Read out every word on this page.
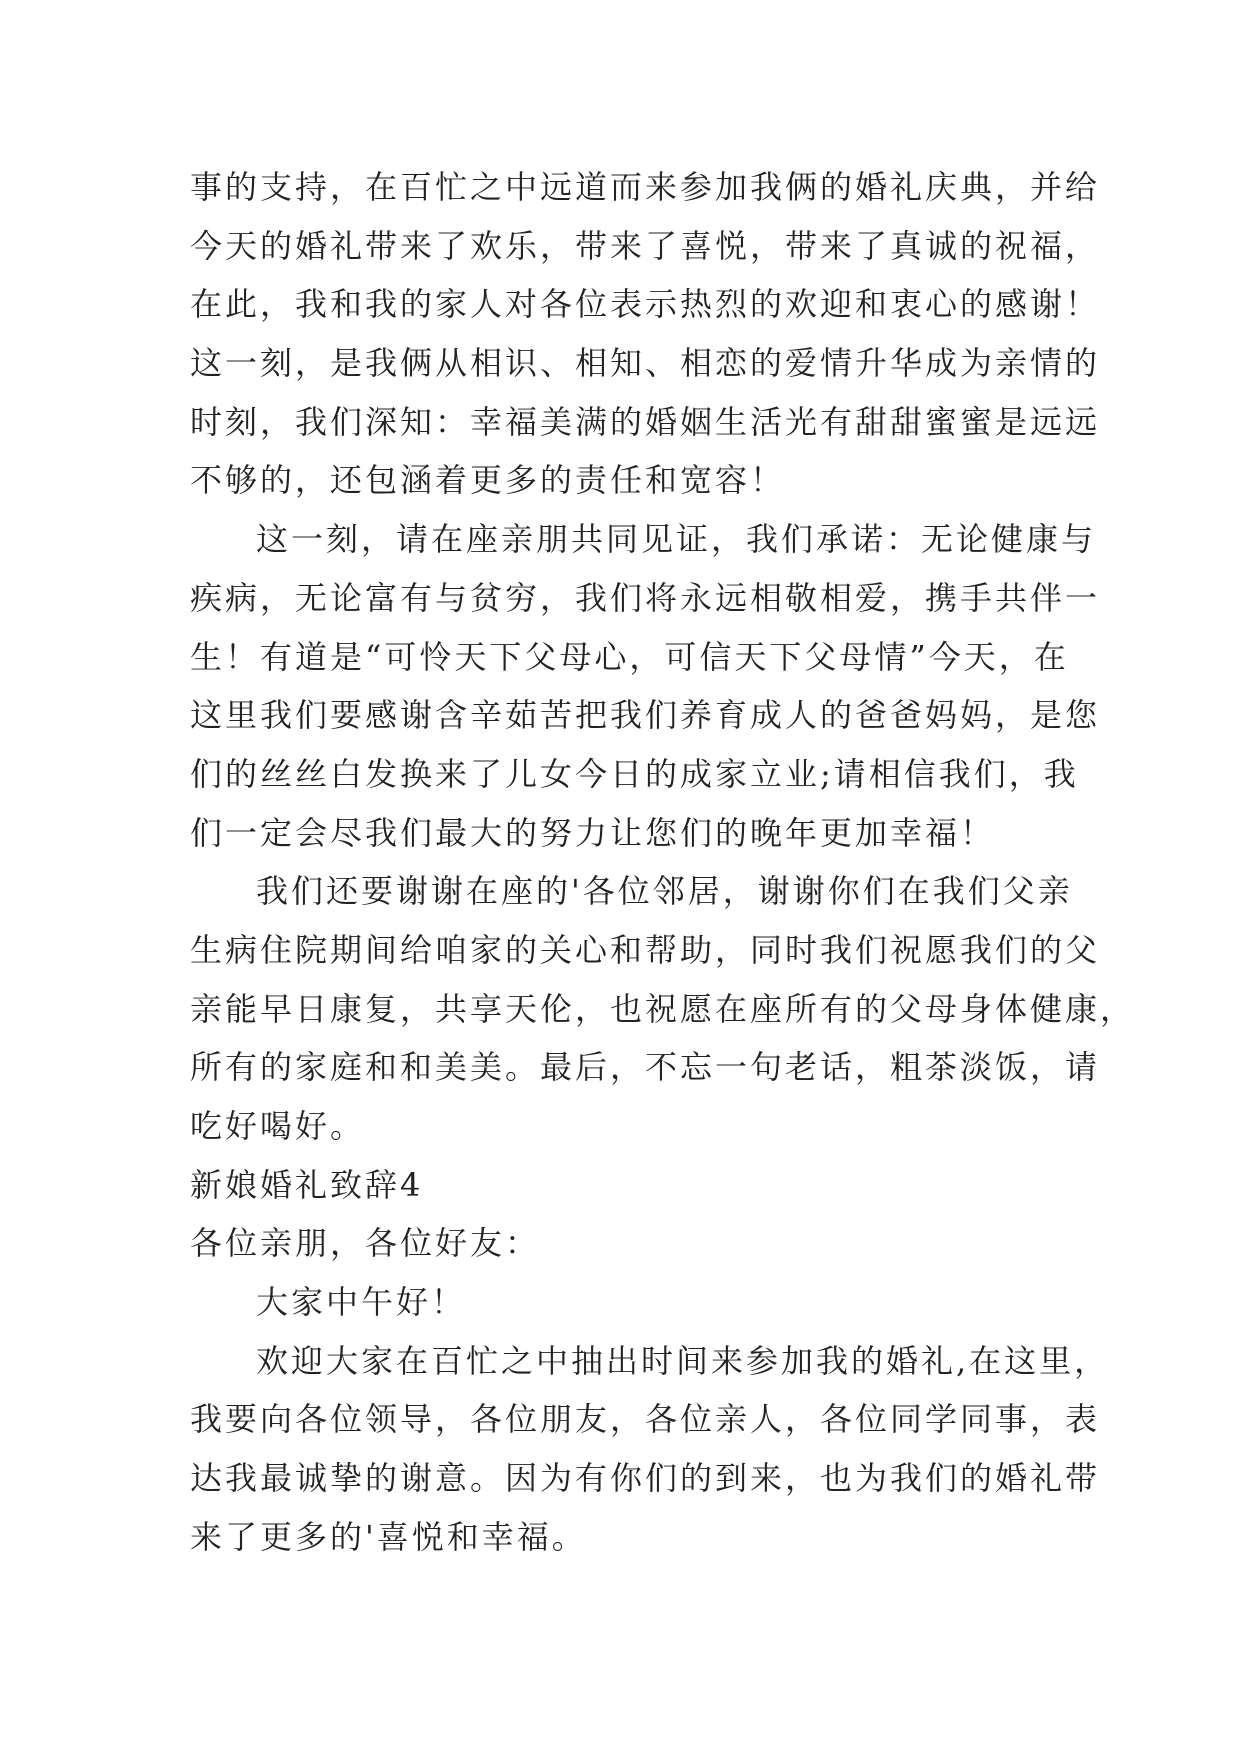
事的支持，在百忙之中远道而来参加我俩的婚礼庆典，并给
今天的婚礼带来了欢乐，带来了喜悦，带来了真诚的祝福，
在此，我和我的家人对各位表示热烈的欢迎和衷心的感谢！
这一刻，是我俩从相识、相知、相恋的爱情升华成为亲情的
时刻，我们深知：幸福美满的婚姻生活光有甜甜蜜蜜是远远
不够的，还包涵着更多的责任和宽容！
这一刻，请在座亲朋共同见证，我们承诺：无论健康与
疾病，无论富有与贫穷，我们将永远相敬相爱，携手共伴一
生！有道是“可怜天下父母心，可信天下父母情”今天，在
这里我们要感谢含辛茹苦把我们养育成人的爸爸妈妈，是您
们的丝丝白发换来了儿女今日的成家立业;请相信我们，我
们一定会尽我们最大的努力让您们的晚年更加幸福！
我们还要谢谢在座的'各位邻居，谢谢你们在我们父亲
生病住院期间给咱家的关心和帮助，同时我们祝愿我们的父
亲能早日康复，共享天伦，也祝愿在座所有的父母身体健康，
所有的家庭和和美美。最后，不忘一句老话，粗茶淡饭，请
吃好喝好。
新娘婚礼致辞4
各位亲朋，各位好友：
大家中午好！
欢迎大家在百忙之中抽出时间来参加我的婚礼,在这里，
我要向各位领导，各位朋友，各位亲人，各位同学同事，表
达我最诚挚的谢意。因为有你们的到来，也为我们的婚礼带
来了更多的'喜悦和幸福。
